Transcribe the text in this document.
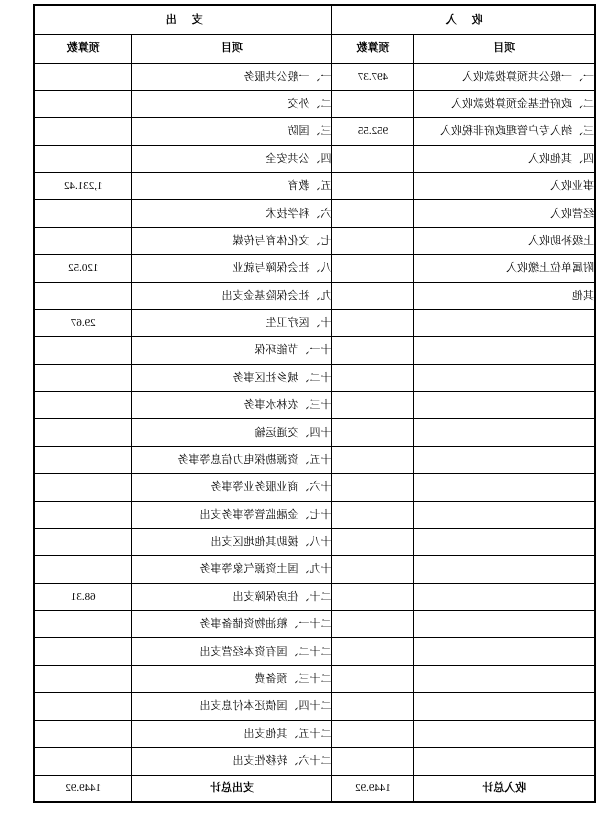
收　入		支　出	
项目	预算数	项目	预算数
一、一般公共预算拨款收入	497.37	一、一般公共服务	
二、政府性基金预算拨款收入		二、外交	
三、纳入专户管理政府非税收入	952.55	三、国防	
四、其他收入		四、公共安全	
事业收入		五、教育	1,231.42
经营收入		六、科学技术	
上级补助收入		七、文化体育与传媒	
附属单位上缴收入		八、社会保障与就业	120.52
其他		九、社会保险基金支出	
		十、医疗卫生	29.67
		十一、节能环保	
		十二、城乡社区事务	
		十三、农林水事务	
		十四、交通运输	
		十五、资源勘探电力信息等事务	
		十六、商业服务业等事务	
		十七、金融监管等事务支出	
		十八、援助其他地区支出	
		十九、国土资源气象等事务	
		二十、住房保障支出	68.31
		二十一、粮油物资储备事务	
		二十二、国有资本经营支出	
		二十三、预备费	
		二十四、国债还本付息支出	
		二十五、其他支出	
		二十六、转移性支出	
收入总计	1449.92	支出总计	1449.92
